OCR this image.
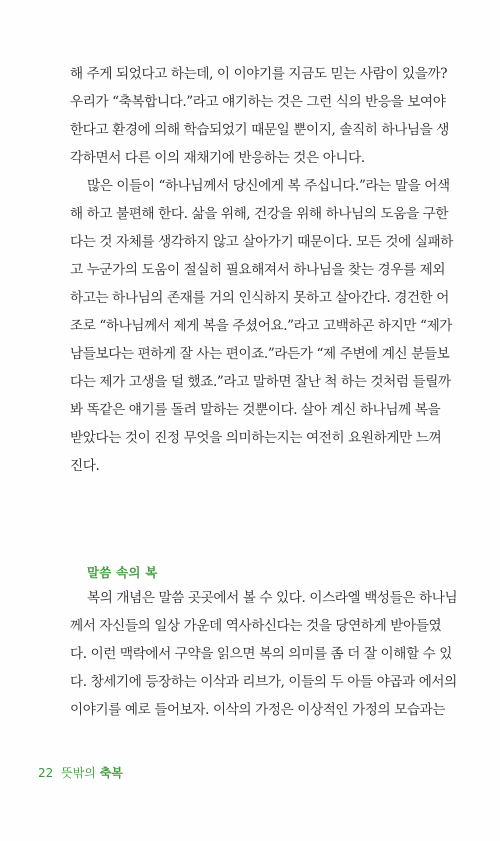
해 주게 되었다고 하는데, 이 이야기를 지금도 믿는 사람이 있을까?
우리가 “축복합니다.”라고 얘기하는 것은 그런 식의 반응을 보여야
한다고 환경에 의해 학습되었기 때문일 뿐이지, 솔직히 하나님을 생
각하면서 다른 이의 재채기에 반응하는 것은 아니다.
많은 이들이 “하나님께서 당신에게 복 주십니다.”라는 말을 어색
해 하고 불편해 한다. 삶을 위해, 건강을 위해 하나님의 도움을 구한
다는 것 자체를 생각하지 않고 살아가기 때문이다. 모든 것에 실패하
고 누군가의 도움이 절실히 필요해져서 하나님을 찾는 경우를 제외
하고는 하나님의 존재를 거의 인식하지 못하고 살아간다. 경건한 어
조로 “하나님께서 제게 복을 주셨어요.”라고 고백하곤 하지만 “제가
남들보다는 편하게 잘 사는 편이죠.”라든가 “제 주변에 계신 분들보
다는 제가 고생을 덜 했죠.”라고 말하면 잘난 척 하는 것처럼 들릴까
봐 똑같은 얘기를 돌려 말하는 것뿐이다. 살아 계신 하나님께 복을
받았다는 것이 진정 무엇을 의미하는지는 여전히 요원하게만 느껴
진다.
말씀 속의 복
복의 개념은 말씀 곳곳에서 볼 수 있다. 이스라엘 백성들은 하나님
께서 자신들의 일상 가운데 역사하신다는 것을 당연하게 받아들였
다. 이런 맥락에서 구약을 읽으면 복의 의미를 좀 더 잘 이해할 수 있
다. 창세기에 등장하는 이삭과 리브가, 이들의 두 아들 야곱과 에서의
이야기를 예로 들어보자. 이삭의 가정은 이상적인 가정의 모습과는
22 뜻밖의 축복
